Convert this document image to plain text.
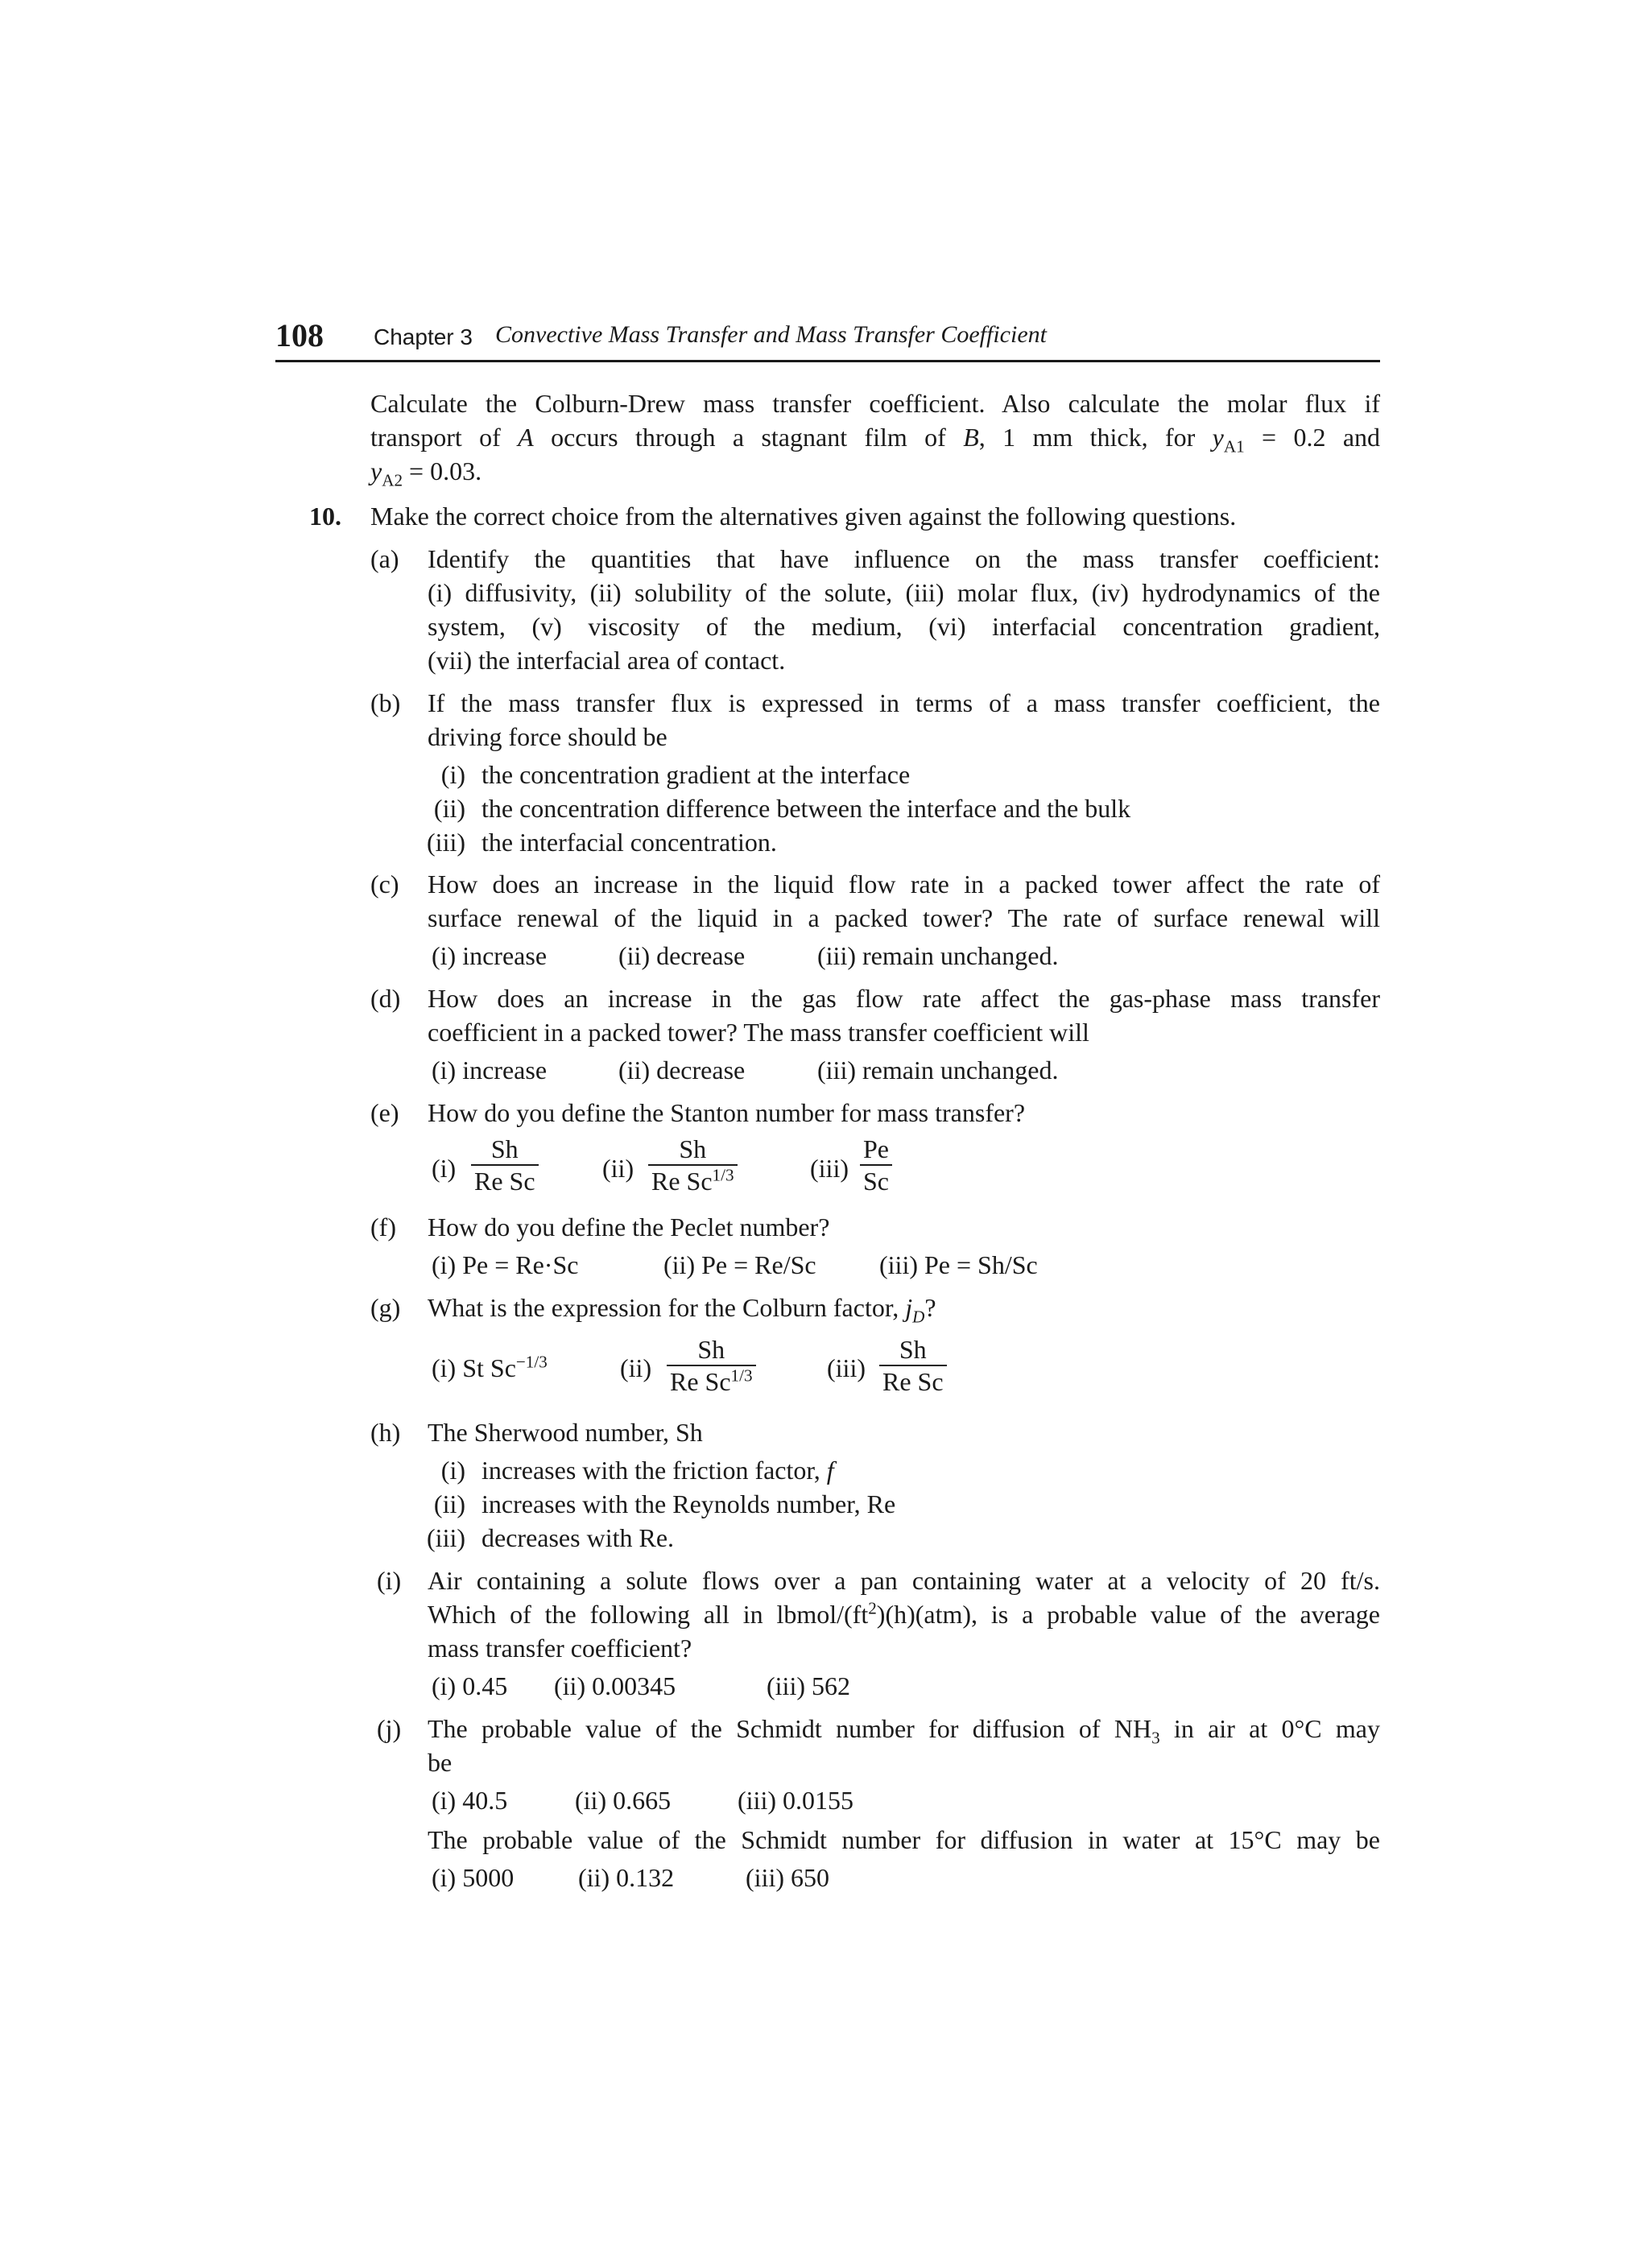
108 Chapter 3 Convective Mass Transfer and Mass Transfer Coefficient
Calculate the Colburn-Drew mass transfer coefficient. Also calculate the molar flux if
transport of A occurs through a stagnant film of B, 1 mm thick, for $y_{A1} = 0.2$ and
$y_{A2} = 0.03$.
10. Make the correct choice from the alternatives given against the following questions.
(a) Identify the quantities that have influence on the mass transfer coefficient:
(i) diffusivity, (ii) solubility of the solute, (iii) molar flux, (iv) hydrodynamics of the
system, (v) viscosity of the medium, (vi) interfacial concentration gradient,
(vii) the interfacial area of contact.
(b) If the mass transfer flux is expressed in terms of a mass transfer coefficient, the
driving force should be
(i) the concentration gradient at the interface
(ii) the concentration difference between the interface and the bulk
(iii) the interfacial concentration.
(c) How does an increase in the liquid flow rate in a packed tower affect the rate of
surface renewal of the liquid in a packed tower? The rate of surface renewal will
(i) increase	(ii) decrease	(iii) remain unchanged.
(d) How does an increase in the gas flow rate affect the gas-phase mass transfer
coefficient in a packed tower? The mass transfer coefficient will
(i) increase	(ii) decrease	(iii) remain unchanged.
(e) How do you define the Stanton number for mass transfer?
$(i) \frac{Sh}{\text{Re Sc}} (ii) \frac{Sh}{Re Sc^{1/3}}$	$(iii) \frac{Pe}{Sc}$
(f) How do you define the Peclet number?
(i) Pe = Re·Sc	(ii) Pe = Re/Sc (iii) Pe = Sh/Sc
(g) What is the expression for the Colburn factor, $j_D$?
(i) St $Sc^{-1/3}$	$(ii) \frac{Sh}{Re Sc^{1/3}}$	$(iii) \frac{Sh}{\text{Re Sc}}$
(h) The Sherwood number, Sh
(i) increases with the friction factor, f
(ii) increases with the Reynolds number, Re
(iii) decreases with Re.
(i) Air containing a solute flows over a pan containing water at a velocity of 20 ft/s.
Which of the following all in lbmol/$(ft^2)(h)(atm)$, is a probable value of the average
mass transfer coefficient?
(i) 0.45 (ii) 0.00345	(iii) 562
(j) The probable value of the Schmidt number for diffusion of $NH_3$ in air at 0°C may
be
(i) 40.5	(ii) 0.665	(iii) 0.0155
The probable value of the Schmidt number for diffusion in water at 15°C may be
(i) 5000 (ii) 0.132	(iii) 650
